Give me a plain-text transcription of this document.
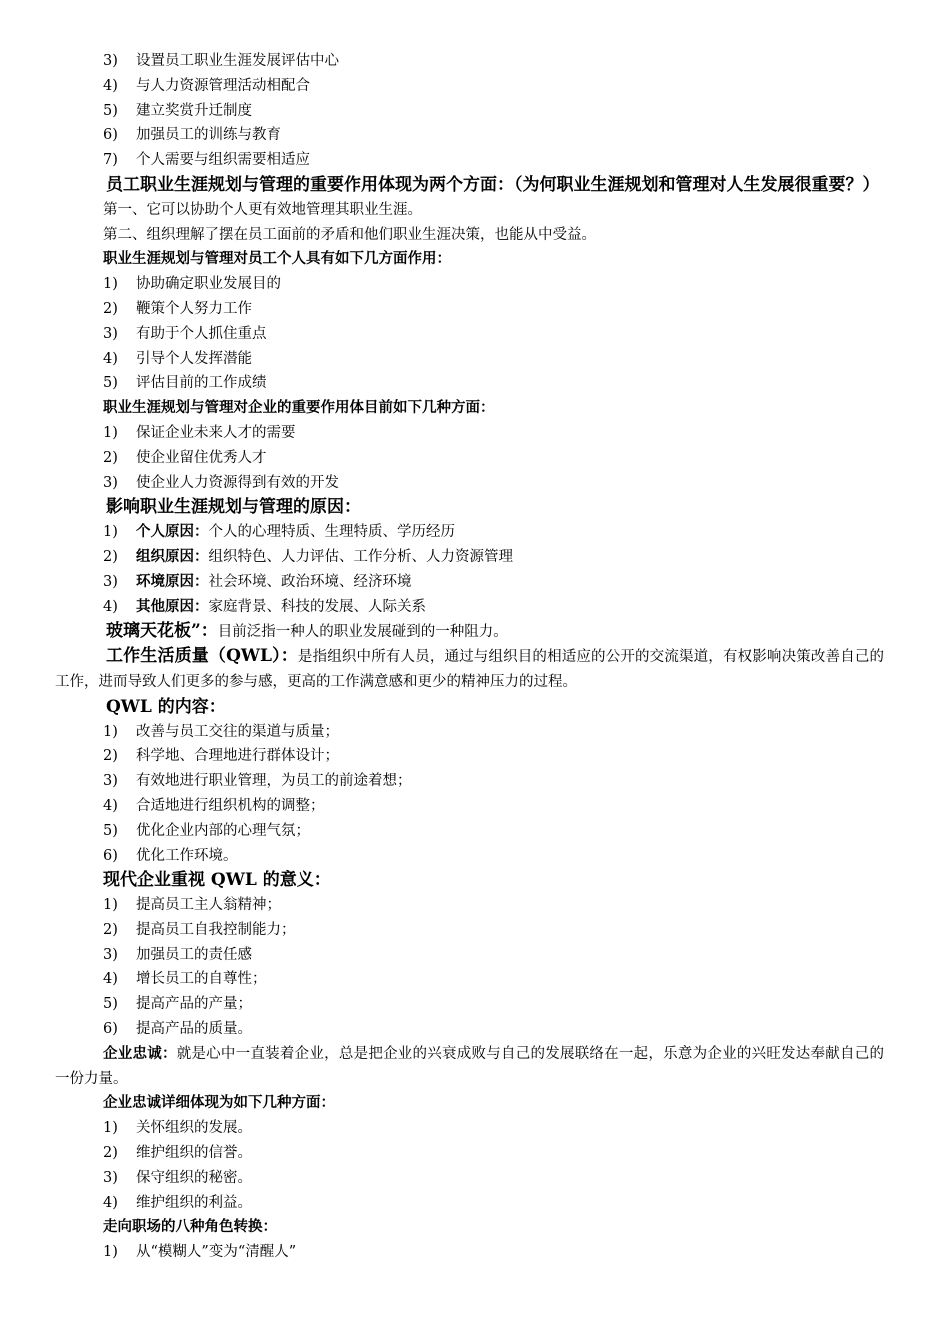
3) 设置员工职业生涯发展评估中心
4) 与人力资源管理活动相配合
5) 建立奖赏升迁制度
6) 加强员工的训练与教育
7) 个人需要与组织需要相适应
员工职业生涯规划与管理的重要作用体现为两个方面：（为何职业生涯规划和管理对人生发展很重要？）
第一、它可以协助个人更有效地管理其职业生涯。
第二、组织理解了摆在员工面前的矛盾和他们职业生涯决策，也能从中受益。
职业生涯规划与管理对员工个人具有如下几方面作用：
1) 协助确定职业发展目的
2) 鞭策个人努力工作
3) 有助于个人抓住重点
4) 引导个人发挥潜能
5) 评估目前的工作成绩
职业生涯规划与管理对企业的重要作用体目前如下几种方面：
1) 保证企业未来人才的需要
2) 使企业留住优秀人才
3) 使企业人力资源得到有效的开发
影响职业生涯规划与管理的原因：
1) 个人原因：个人的心理特质、生理特质、学历经历
2) 组织原因：组织特色、人力评估、工作分析、人力资源管理
3) 环境原因：社会环境、政治环境、经济环境
4) 其他原因：家庭背景、科技的发展、人际关系
玻璃天花板”：目前泛指一种人的职业发展碰到的一种阻力。
工作生活质量（QWL）：是指组织中所有人员，通过与组织目的相适应的公开的交流渠道，有权影响决策改善自己的工作，进而导致人们更多的参与感，更高的工作满意感和更少的精神压力的过程。
QWL 的内容：
1) 改善与员工交往的渠道与质量；
2) 科学地、合理地进行群体设计；
3) 有效地进行职业管理，为员工的前途着想；
4) 合适地进行组织机构的调整；
5) 优化企业内部的心理气氛；
6) 优化工作环境。
现代企业重视 QWL 的意义：
1) 提高员工主人翁精神；
2) 提高员工自我控制能力；
3) 加强员工的责任感
4) 增长员工的自尊性；
5) 提高产品的产量；
6) 提高产品的质量。
企业忠诚：就是心中一直装着企业，总是把企业的兴衰成败与自己的发展联络在一起，乐意为企业的兴旺发达奉献自己的一份力量。
企业忠诚详细体现为如下几种方面：
1) 关怀组织的发展。
2) 维护组织的信誉。
3) 保守组织的秘密。
4) 维护组织的利益。
走向职场的八种角色转换：
1) 从“模糊人”变为“清醒人”
